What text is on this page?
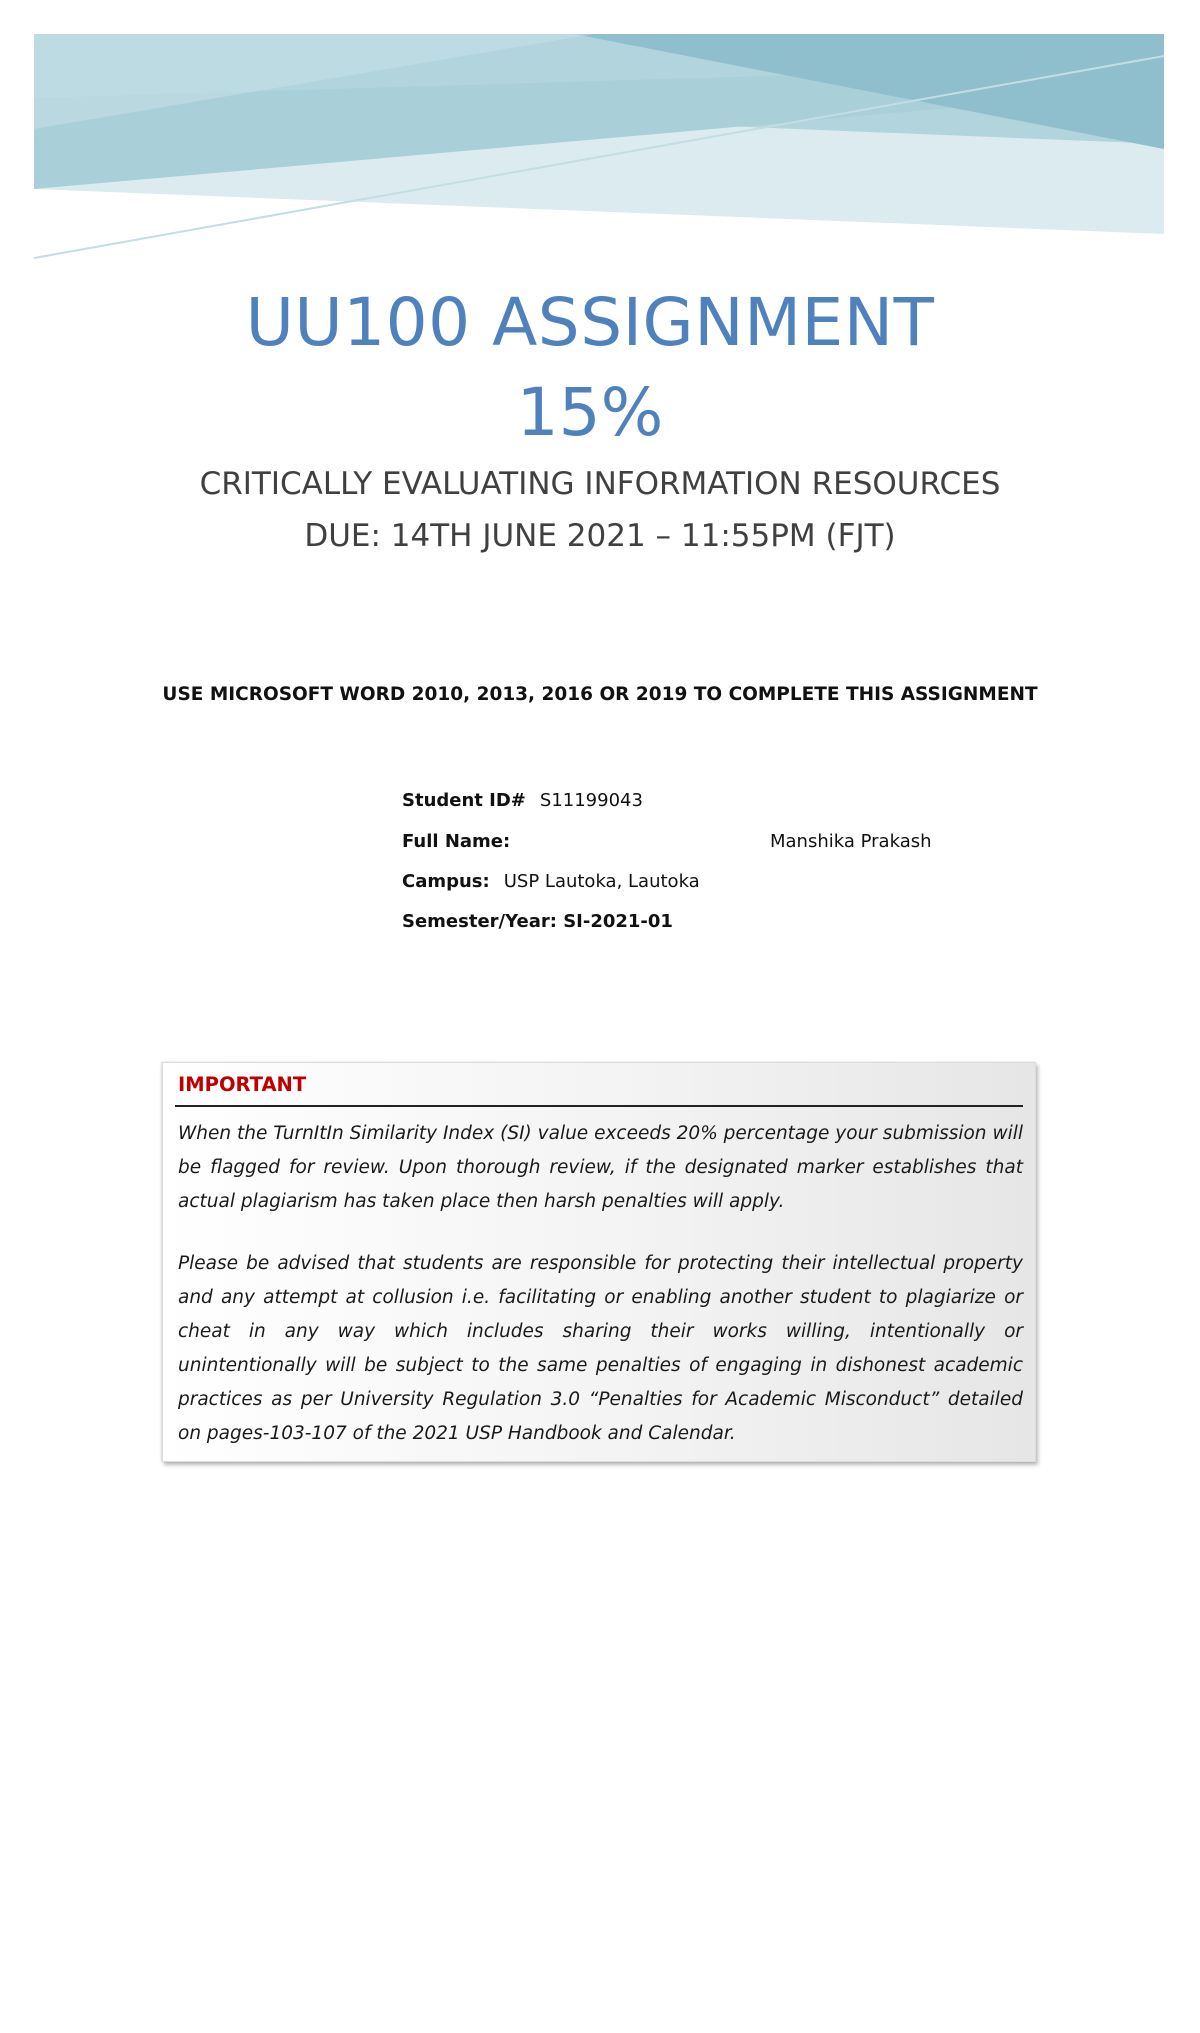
UU100 ASSIGNMENT
15%
CRITICALLY EVALUATING INFORMATION RESOURCES
DUE: 14TH JUNE 2021 – 11:55PM (FJT)
USE MICROSOFT WORD 2010, 2013, 2016 OR 2019 TO COMPLETE THIS ASSIGNMENT
Student ID# S11199043
Full Name:	Manshika Prakash
Campus: USP Lautoka, Lautoka
Semester/Year: SI-2021-01
IMPORTANT

When the TurnItIn Similarity Index (SI) value exceeds 20% percentage your submission will be flagged for review. Upon thorough review, if the designated marker establishes that actual plagiarism has taken place then harsh penalties will apply.

Please be advised that students are responsible for protecting their intellectual property and any attempt at collusion i.e. facilitating or enabling another student to plagiarize or cheat in any way which includes sharing their works willing, intentionally or unintentionally will be subject to the same penalties of engaging in dishonest academic practices as per University Regulation 3.0 “Penalties for Academic Misconduct” detailed on pages-103-107 of the 2021 USP Handbook and Calendar.
